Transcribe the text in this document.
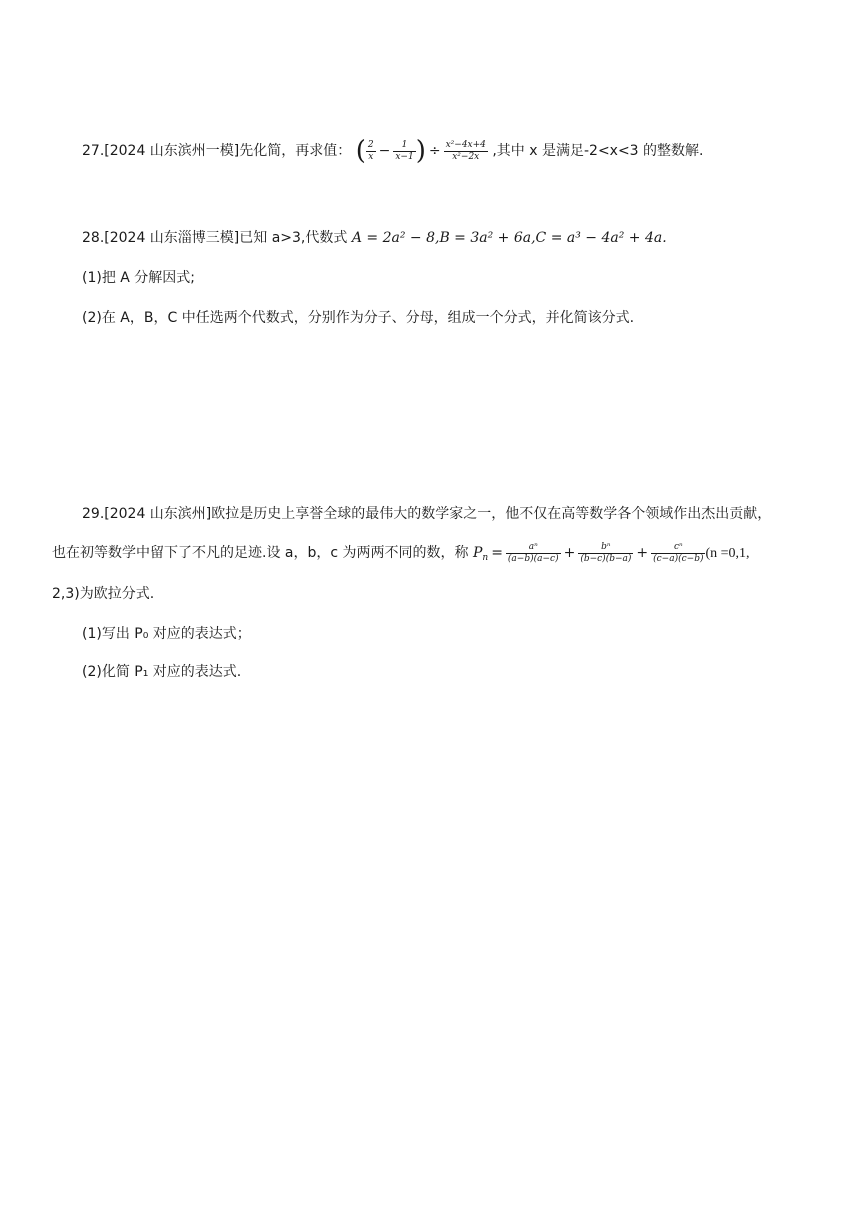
27.[2024 山东滨州一模]先化简，再求值： ( $\frac{2}{x} - \frac{1}{x-1}$ ) ÷ $\frac{\text{x²−4x+4}}{\text{x²−2x}}$ ,其中 x 是满足-2<x<3 的整数解.
28.[2024 山东淄博三模]已知 a>3,代数式 A = 2a² − 8,B = 3a² + 6a,C = a³ − 4a² + 4a.
(1)把 A 分解因式;
(2)在 A，B，C 中任选两个代数式，分别作为分子、分母，组成一个分式，并化简该分式.
29.[2024 山东滨州]欧拉是历史上享誉全球的最伟大的数学家之一，他不仅在高等数学各个领域作出杰出贡献，
也在初等数学中留下了不凡的足迹.设 a，b，c 为两两不同的数，称 $P_n = \frac{\text{aⁿ}}{(a-b)(a-c)} + \frac{\text{bⁿ}}{(b-c)(b-a)} + \frac{\text{cⁿ}}{(c-a)(c-b)} (n =0,1$,
2,3)为欧拉分式.
(1)写出 P₀ 对应的表达式；
(2)化简 P₁ 对应的表达式.
